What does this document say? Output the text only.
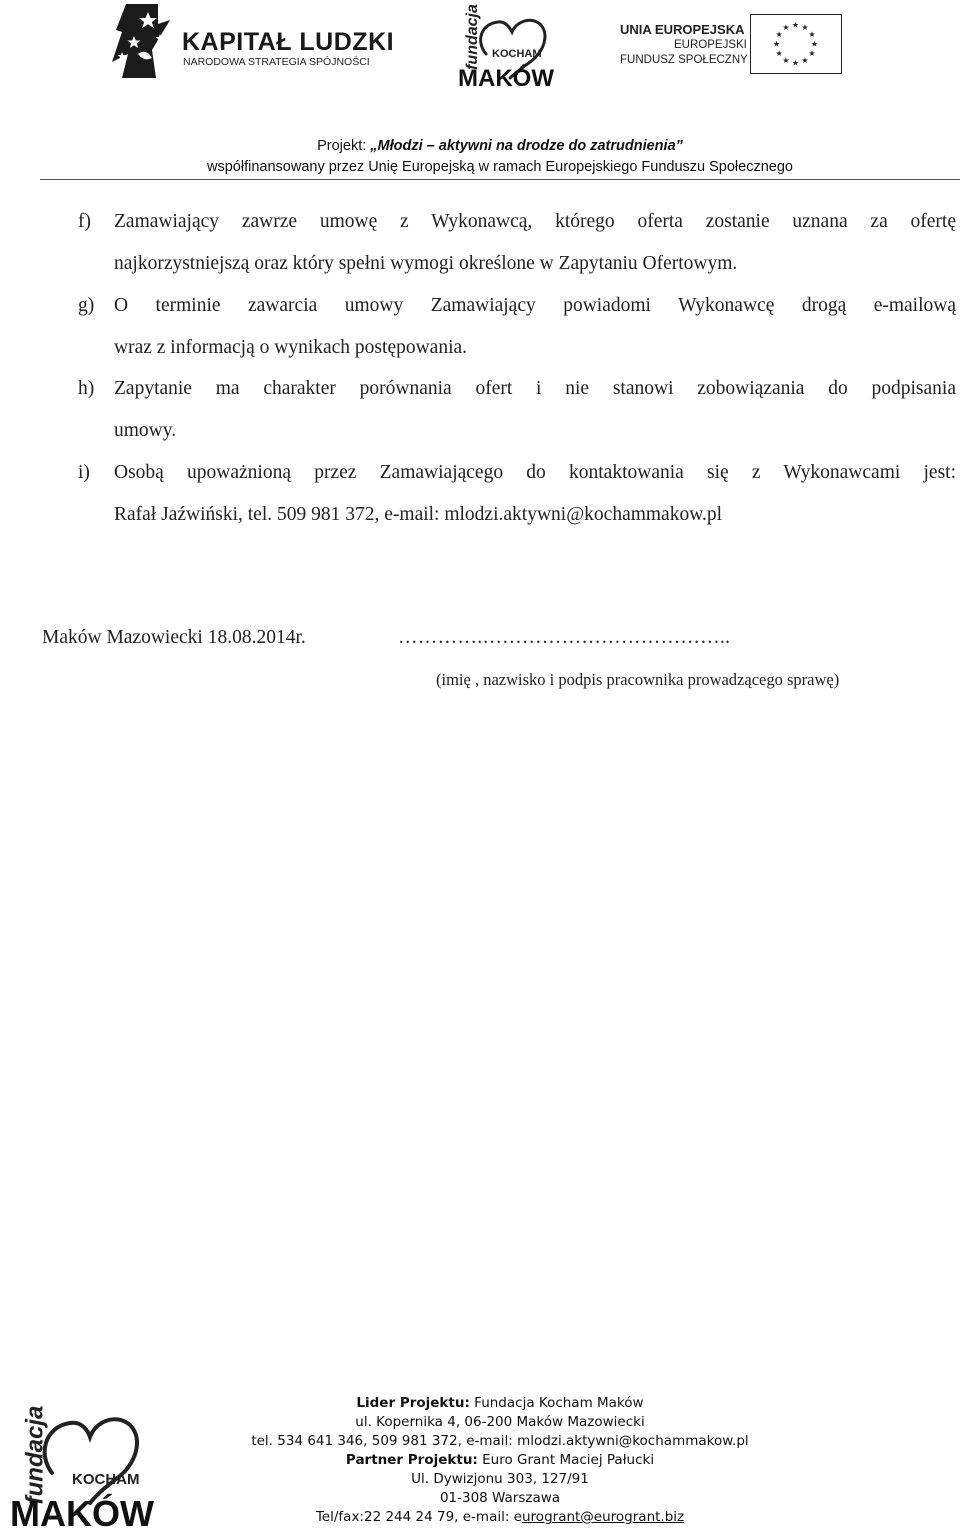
KAPITAŁ LUDZKI
NARODOWA STRATEGIA SPÓJNOŚCI	fundacja KOCHAM
MAKÓW
UNIA EUROPEJSKA
EUROPEJSKI
FUNDUSZ SPOŁECZNY
★ ★
★
★
★
★
★
★
★
★
★
★
Projekt: „Młodzi – aktywni na drodze do zatrudnienia”
współfinansowany przez Unię Europejską w ramach Europejskiego Funduszu Społecznego
f) Zamawiający zawrze umowę z Wykonawcą, którego oferta zostanie uznana za ofertę
najkorzystniejszą oraz który spełni wymogi określone w Zapytaniu Ofertowym.
g) O terminie zawarcia umowy Zamawiający powiadomi Wykonawcę drogą e-mailową
wraz z informacją o wynikach postępowania.
h) Zapytanie ma charakter porównania ofert i nie stanowi zobowiązania do podpisania
umowy.
i) Osobą upoważnioną przez Zamawiającego do kontaktowania się z Wykonawcami jest:
Rafał Jaźwiński, tel. 509 981 372, e-mail: mlodzi.aktywni@kochammakow.pl
Maków Mazowiecki 18.08.2014r.	………….………………………………..
(imię , nazwisko i podpis pracownika prowadzącego sprawę)
fundacja KOCHAM
MAKÓW
Lider Projektu: Fundacja Kocham Maków
ul. Kopernika 4, 06-200 Maków Mazowiecki
tel. 534 641 346, 509 981 372, e-mail: mlodzi.aktywni@kochammakow.pl
Partner Projektu: Euro Grant Maciej Pałucki
Ul. Dywizjonu 303, 127/91
01-308 Warszawa
Tel/fax:22 244 24 79, e-mail: eurogrant@eurogrant.biz
